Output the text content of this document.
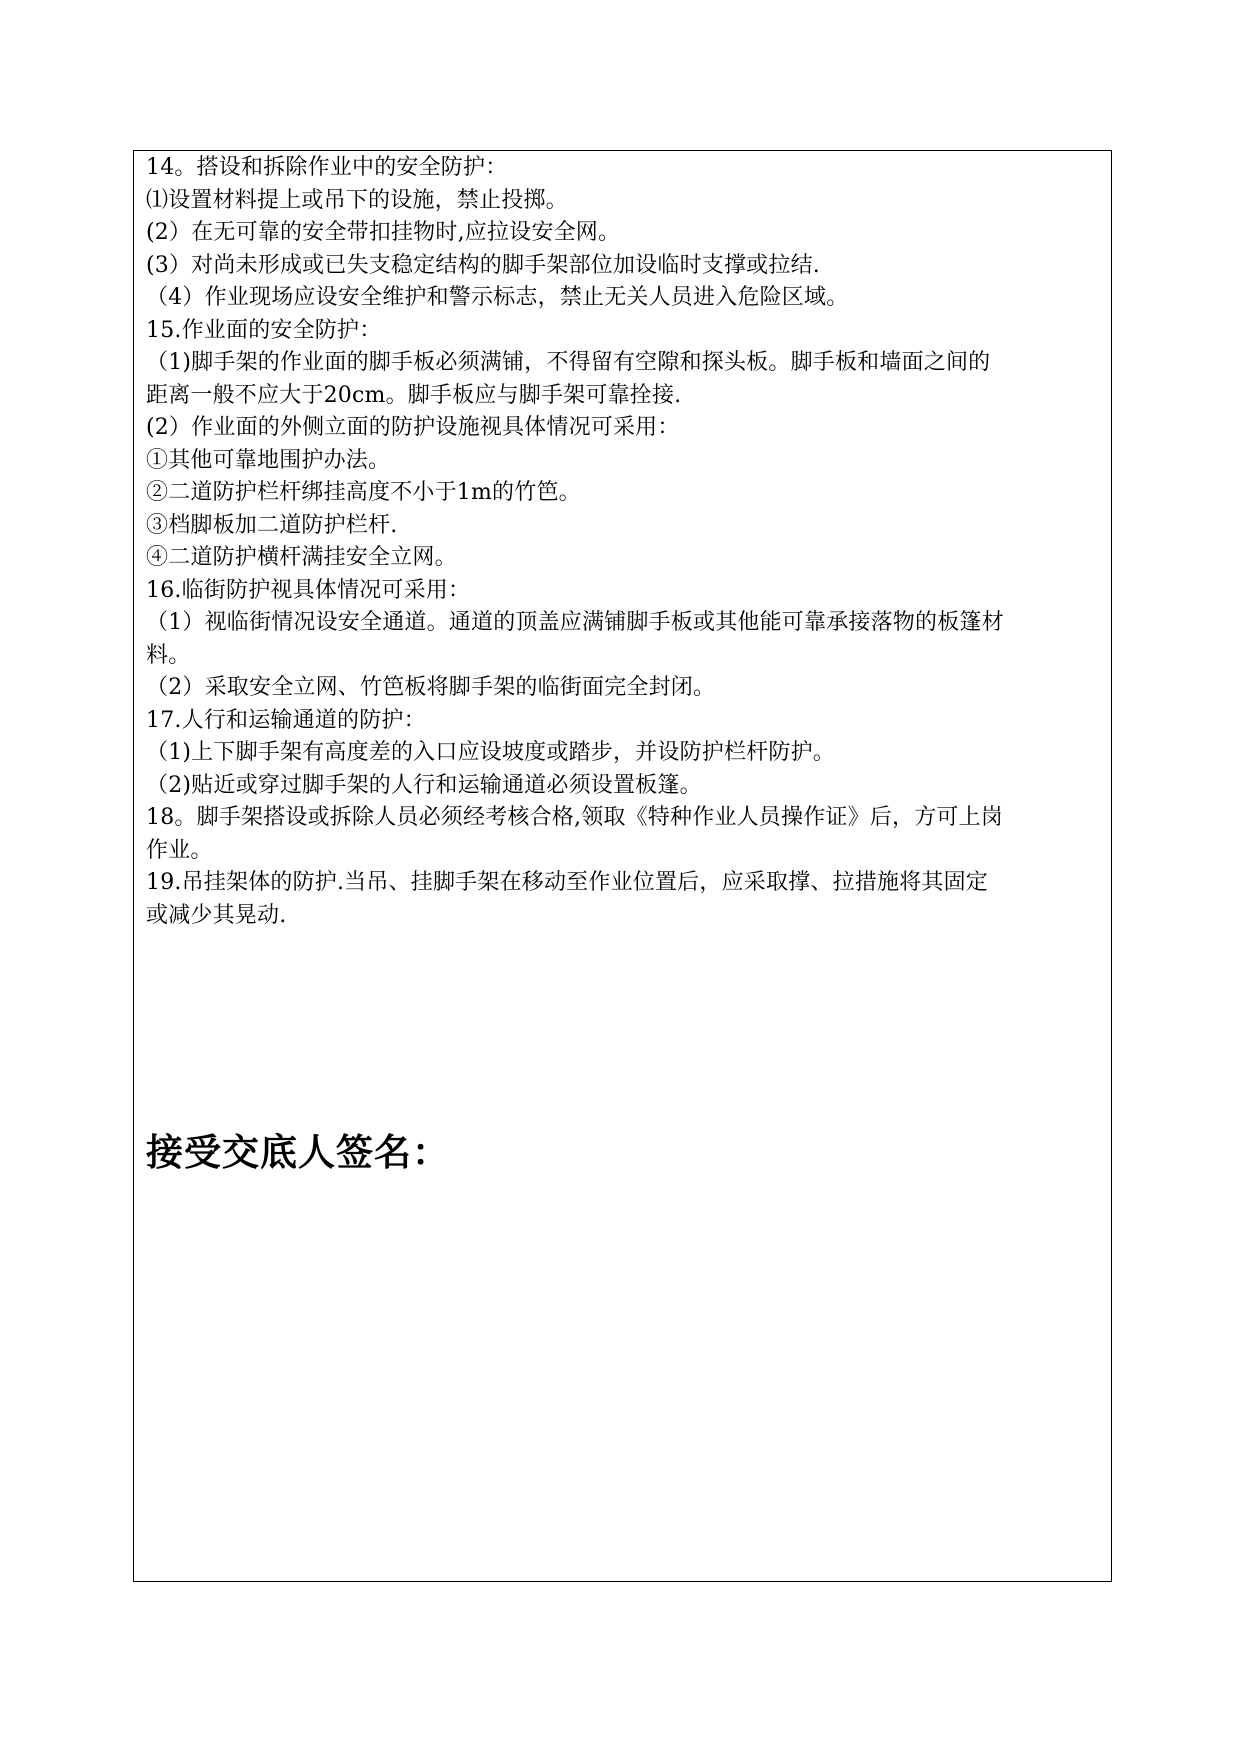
14。搭设和拆除作业中的安全防护：
⑴设置材料提上或吊下的设施，禁止投掷。
(2）在无可靠的安全带扣挂物时,应拉设安全网。
(3）对尚未形成或已失支稳定结构的脚手架部位加设临时支撑或拉结.
（4）作业现场应设安全维护和警示标志，禁止无关人员进入危险区域。
15.作业面的安全防护：
（1)脚手架的作业面的脚手板必须满铺，不得留有空隙和探头板。脚手板和墙面之间的
距离一般不应大于20cm。脚手板应与脚手架可靠拴接.
(2）作业面的外侧立面的防护设施视具体情况可采用：
①其他可靠地围护办法。
②二道防护栏杆绑挂高度不小于1m的竹笆。
③档脚板加二道防护栏杆.
④二道防护横杆满挂安全立网。
16.临街防护视具体情况可采用：
（1）视临街情况设安全通道。通道的顶盖应满铺脚手板或其他能可靠承接落物的板篷材
料。
（2）采取安全立网、竹笆板将脚手架的临街面完全封闭。
17.人行和运输通道的防护：
（1)上下脚手架有高度差的入口应设坡度或踏步，并设防护栏杆防护。
（2)贴近或穿过脚手架的人行和运输通道必须设置板篷。
18。脚手架搭设或拆除人员必须经考核合格,领取《特种作业人员操作证》后，方可上岗
作业。
19.吊挂架体的防护.当吊、挂脚手架在移动至作业位置后，应采取撑、拉措施将其固定
或减少其晃动.
接受交底人签名：
